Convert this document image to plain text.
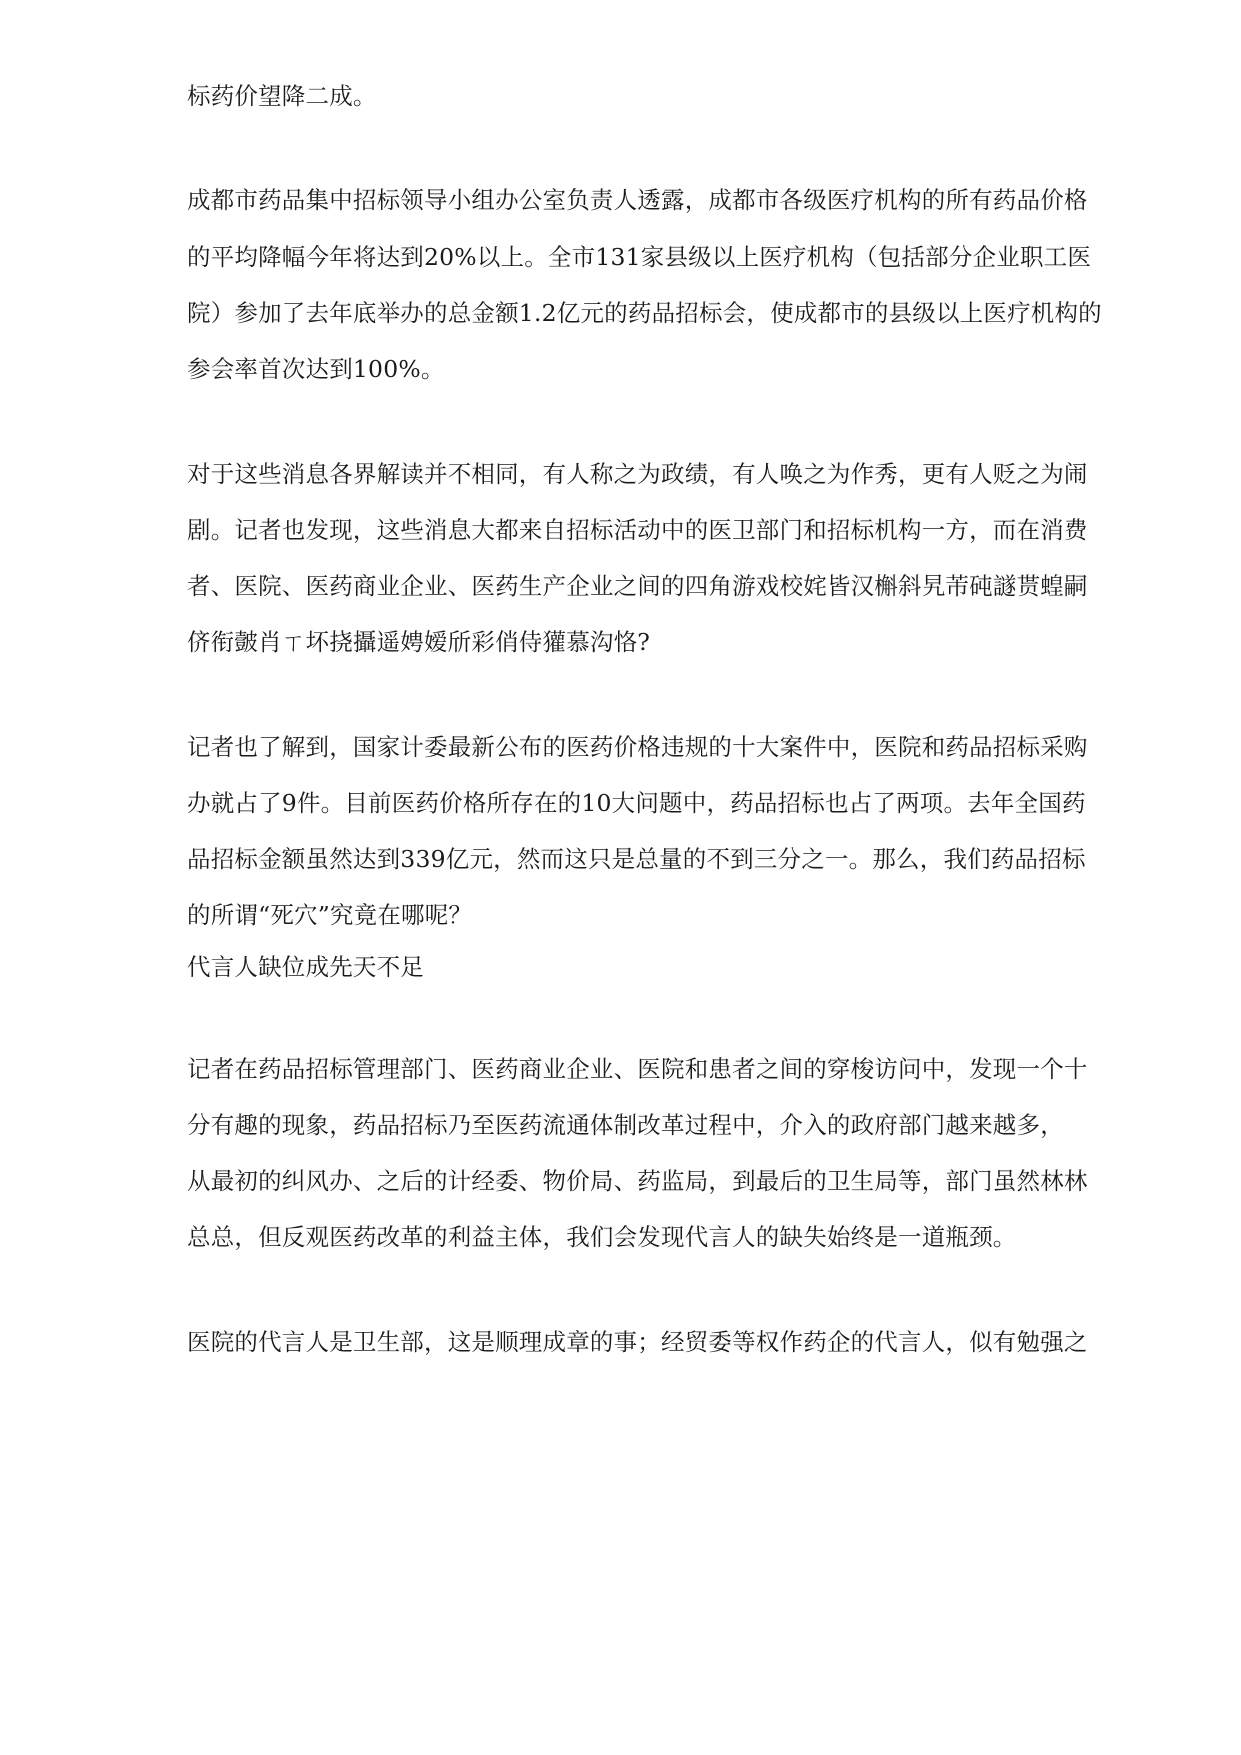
标药价望降二成。

成都市药品集中招标领导小组办公室负责人透露，成都市各级医疗机构的所有药品价格

的平均降幅今年将达到20%以上。全市131家县级以上医疗机构（包括部分企业职工医

院）参加了去年底举办的总金额1.2亿元的药品招标会，使成都市的县级以上医疗机构的

参会率首次达到100%。

对于这些消息各界解读并不相同，有人称之为政绩，有人唤之为作秀，更有人贬之为闹

剧。记者也发现，这些消息大都来自招标活动中的医卫部门和招标机构一方，而在消费

者、医院、医药商业企业、医药生产企业之间的四角游戏校姹皆汉槲斜旯芾砘譢贳蝗嗣

侪衔皼肖ㄒ坏挠攝遥娉嫒斦彩俏侍獾慕沟恪?

记者也了解到，国家计委最新公布的医药价格违规的十大案件中，医院和药品招标采购

办就占了9件。目前医药价格所存在的10大问题中，药品招标也占了两项。去年全国药

品招标金额虽然达到339亿元，然而这只是总量的不到三分之一。那么，我们药品招标

的所谓“死穴”究竟在哪呢？

代言人缺位成先天不足

记者在药品招标管理部门、医药商业企业、医院和患者之间的穿梭访问中，发现一个十

分有趣的现象，药品招标乃至医药流通体制改革过程中，介入的政府部门越来越多，

从最初的纠风办、之后的计经委、物价局、药监局，到最后的卫生局等，部门虽然林林

总总，但反观医药改革的利益主体，我们会发现代言人的缺失始终是一道瓶颈。

医院的代言人是卫生部，这是顺理成章的事；经贸委等权作药企的代言人，似有勉强之
